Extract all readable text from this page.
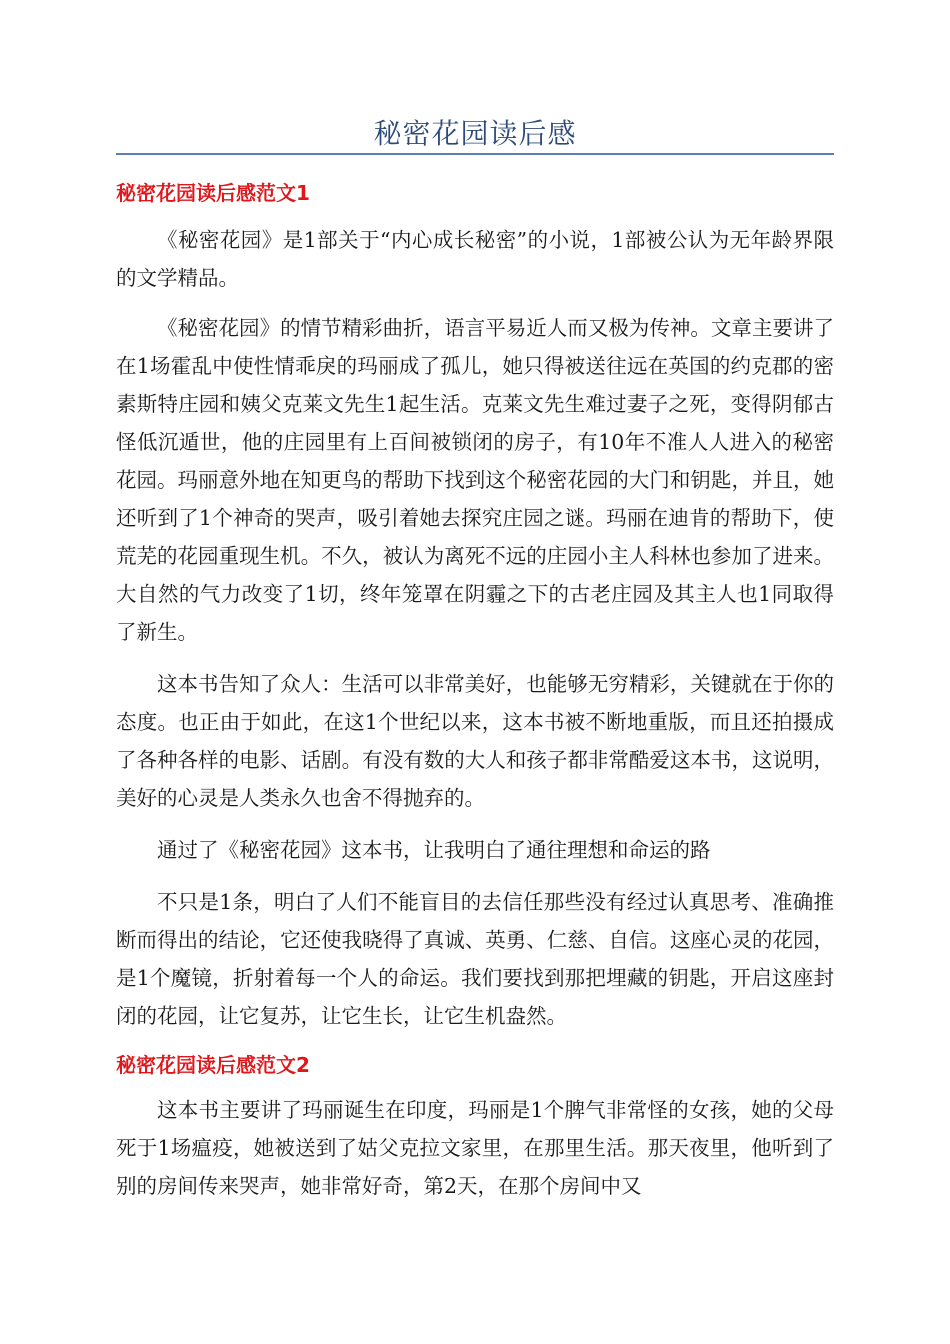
秘密花园读后感
秘密花园读后感范文1

《秘密花园》是1部关于“内心成长秘密”的小说，1部被公认为无年龄界限的文学精品。

《秘密花园》的情节精彩曲折，语言平易近人而又极为传神。文章主要讲了在1场霍乱中使性情乖戾的玛丽成了孤儿，她只得被送往远在英国的约克郡的密素斯特庄园和姨父克莱文先生1起生活。克莱文先生难过妻子之死，变得阴郁古怪低沉遁世，他的庄园里有上百间被锁闭的房子，有10年不准人人进入的秘密花园。玛丽意外地在知更鸟的帮助下找到这个秘密花园的大门和钥匙，并且，她还听到了1个神奇的哭声，吸引着她去探究庄园之谜。玛丽在迪肯的帮助下，使荒芜的花园重现生机。不久，被认为离死不远的庄园小主人科林也参加了进来。大自然的气力改变了1切，终年笼罩在阴霾之下的古老庄园及其主人也1同取得了新生。

这本书告知了众人：生活可以非常美好，也能够无穷精彩，关键就在于你的态度。也正由于如此，在这1个世纪以来，这本书被不断地重版，而且还拍摄成了各种各样的电影、话剧。有没有数的大人和孩子都非常酷爱这本书，这说明，美好的心灵是人类永久也舍不得抛弃的。

通过了《秘密花园》这本书，让我明白了通往理想和命运的路

不只是1条，明白了人们不能盲目的去信任那些没有经过认真思考、准确推断而得出的结论，它还使我晓得了真诚、英勇、仁慈、自信。这座心灵的花园，是1个魔镜，折射着每一个人的命运。我们要找到那把埋藏的钥匙，开启这座封闭的花园，让它复苏，让它生长，让它生机盎然。

秘密花园读后感范文2

这本书主要讲了玛丽诞生在印度，玛丽是1个脾气非常怪的女孩，她的父母死于1场瘟疫，她被送到了姑父克拉文家里，在那里生活。那天夜里，他听到了别的房间传来哭声，她非常好奇，第2天，在那个房间中又
